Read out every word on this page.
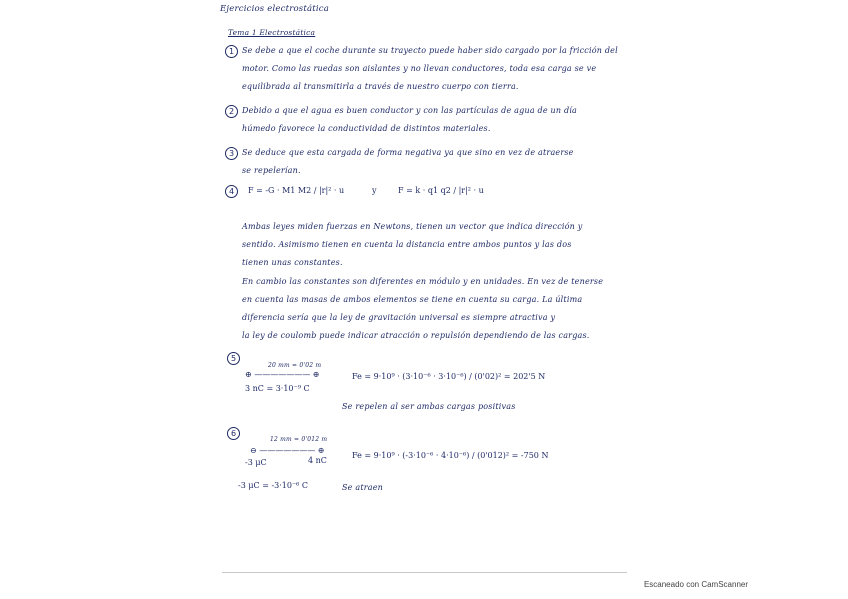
Ejercicios electrostática
Tema 1 Electrostática
1 Se debe a que el coche durante su trayecto puede haber sido cargado por la fricción del
motor. Como las ruedas son aislantes y no llevan conductores, toda esa carga se ve
equilibrada al transmitirla a través de nuestro cuerpo con tierra.
2 Debido a que el agua es buen conductor y con las partículas de agua de un día
húmedo favorece la conductividad de distintos materiales.
3 Se deduce que esta cargada de forma negativa ya que sino en vez de atraerse
se repelerían.
4	F = -G · M1 M2 / |r|² · u	y	F = k · q1 q2 / |r|² · u
Ambas leyes miden fuerzas en Newtons, tienen un vector que indica dirección y
sentido. Asimismo tienen en cuenta la distancia entre ambos puntos y las dos
tienen unas constantes.
En cambio las constantes son diferentes en módulo y en unidades. En vez de tenerse
en cuenta las masas de ambos elementos se tiene en cuenta su carga. La última
diferencia sería que la ley de gravitación universal es siempre atractiva y
la ley de coulomb puede indicar atracción o repulsión dependiendo de las cargas.
5
20 mm = 0'02 m
⊕ ——————— ⊕
3 nC = 3·10⁻⁹ C
Fe = 9·10⁹ · (3·10⁻⁶ · 3·10⁻⁶) / (0'02)² = 202'5 N
Se repelen al ser ambas cargas positivas
6
12 mm = 0'012 m
⊖ ——————— ⊕
-3 μC	4 nC
Fe = 9·10⁹ · (-3·10⁻⁶ · 4·10⁻⁶) / (0'012)² = -750 N
-3 μC = -3·10⁻⁶ C	Se atraen
Escaneado con CamScanner
